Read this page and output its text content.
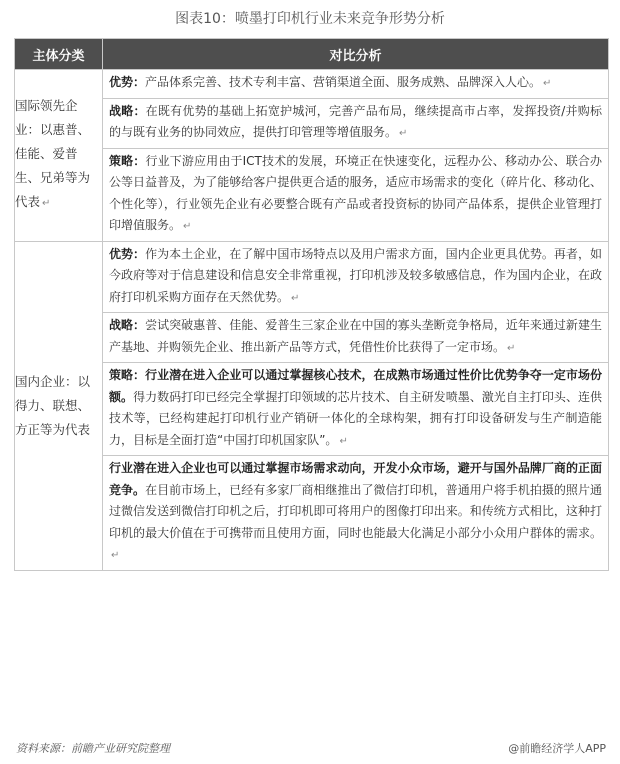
图表10：喷墨打印机行业未来竞争形势分析
主体分类	对比分析
国际领先企业：以惠普、佳能、爱普生、兄弟等为代表 ↵	优势：产品体系完善、技术专利丰富、营销渠道全面、服务成熟、品牌深入人心。 ↵
战略：在既有优势的基础上拓宽护城河，完善产品布局，继续提高市占率，发挥投资/并购标的与既有业务的协同效应，提供打印管理等增值服务。 ↵
策略：行业下游应用由于ICT技术的发展，环境正在快速变化，远程办公、移动办公、联合办公等日益普及，为了能够给客户提供更合适的服务，适应市场需求的变化（碎片化、移动化、个性化等），行业领先企业有必要整合既有产品或者投资标的协同产品体系，提供企业管理打印增值服务。 ↵

国内企业：以得力、联想、方正等为代表	优势：作为本土企业，在了解中国市场特点以及用户需求方面，国内企业更具优势。再者，如今政府等对于信息建设和信息安全非常重视，打印机涉及较多敏感信息，作为国内企业，在政府打印机采购方面存在天然优势。 ↵
战略：尝试突破惠普、佳能、爱普生三家企业在中国的寡头垄断竞争格局，近年来通过新建生产基地、并购领先企业、推出新产品等方式，凭借性价比获得了一定市场。 ↵
策略：行业潜在进入企业可以通过掌握核心技术，在成熟市场通过性价比优势争夺一定市场份额。得力数码打印已经完全掌握打印领域的芯片技术、自主研发喷墨、激光自主打印头、连供技术等，已经构建起打印机行业产销研一体化的全球构架，拥有打印设备研发与生产制造能力，目标是全面打造“中国打印机国家队”。 ↵
行业潜在进入企业也可以通过掌握市场需求动向，开发小众市场，避开与国外品牌厂商的正面竞争。在目前市场上，已经有多家厂商相继推出了微信打印机，普通用户将手机拍摄的照片通过微信发送到微信打印机之后，打印机即可将用户的图像打印出来。和传统方式相比，这种打印机的最大价值在于可携带而且使用方面，同时也能最大化满足小部分小众用户群体的需求。↵
资料来源：前瞻产业研究院整理	@前瞻经济学人APP
